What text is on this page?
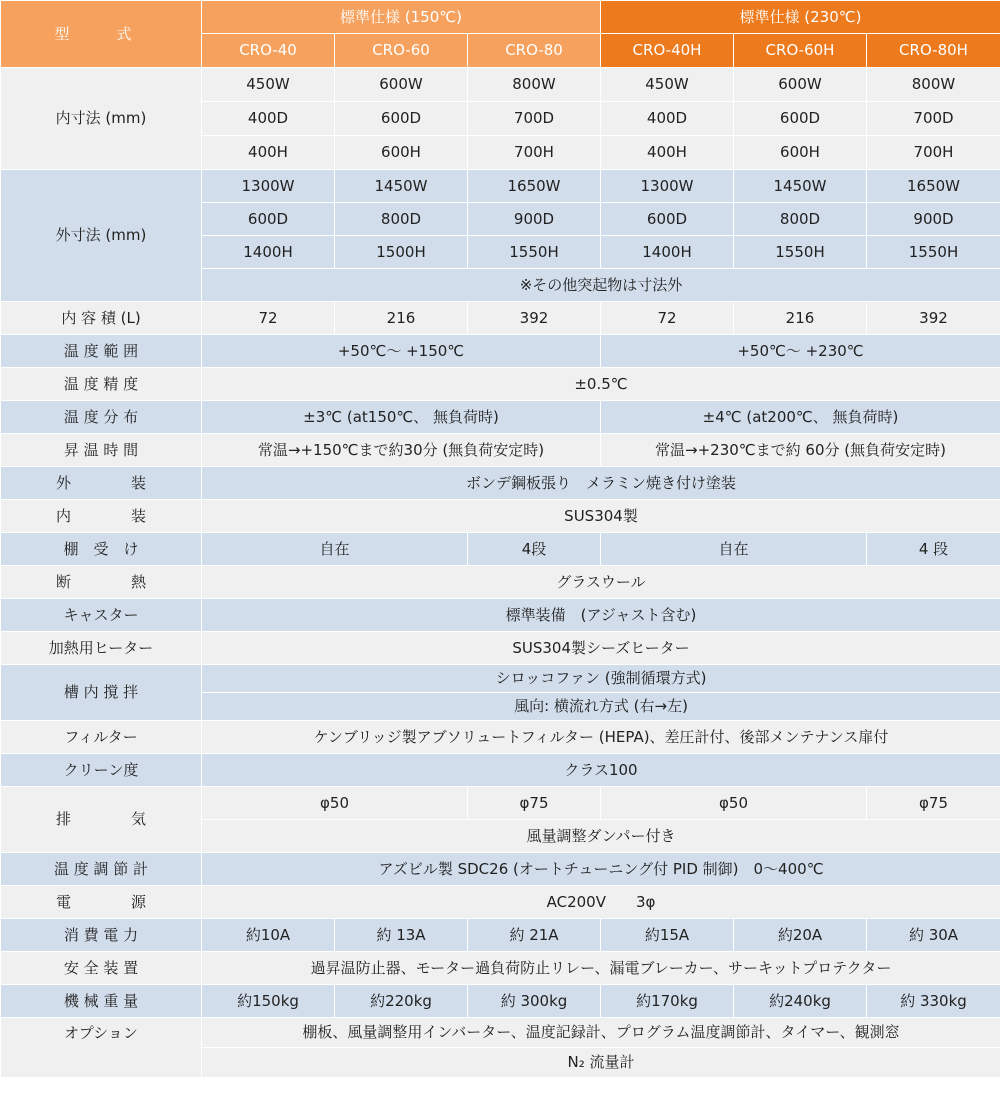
型　式	標準仕様 (150℃)			標準仕様 (230℃)		
	CRO-40	CRO-60	CRO-80	CRO-40H	CRO-60H	CRO-80H
内寸法 (mm)	450W	600W	800W	450W	600W	800W
	400D	600D	700D	400D	600D	700D
	400H	600H	700H	400H	600H	700H
外寸法 (mm)	1300W	1450W	1650W	1300W	1450W	1650W
	600D	800D	900D	600D	800D	900D
	1400H	1500H	1550H	1400H	1550H	1550H
	※その他突起物は寸法外					
内 容 積 (L)	72	216	392	72	216	392
温 度 範 囲	+50℃～ +150℃			+50℃～ +230℃		
温 度 精 度	±0.5℃					
温 度 分 布	±3℃ (at150℃、 無負荷時)			±4℃ (at200℃、 無負荷時)		
昇 温 時 間	常温→+150℃まで約30分 (無負荷安定時)			常温→+230℃まで約 60分 (無負荷安定時)		
外　　　　装	ボンデ鋼板張り　メラミン焼き付け塗装					
内　　　　装	SUS304製					
棚　受　け	自在		4段	自在		4 段
断　　　　熱	グラスウール					
キャスター	標準装備　(アジャスト含む)					
加熱用ヒーター	SUS304製シーズヒーター					
槽 内 撹 拌	シロッコファン (強制循環方式)					
	風向: 横流れ方式 (右→左)					
フィルター	ケンブリッジ製アブソリュートフィルター (HEPA)、差圧計付、後部メンテナンス扉付					
クリーン度	クラス100					
排　　　　気	φ50		φ75	φ50		φ75
	風量調整ダンパー付き					
温 度 調 節 計	アズビル製 SDC26 (オートチューニング付 PID 制御)　0～400℃					
電　　　　源	AC200V　　3φ					
消 費 電 力	約10A	約 13A	約 21A	約15A	約20A	約 30A
安 全 装 置	過昇温防止器、モーター過負荷防止リレー、漏電ブレーカー、サーキットプロテクター					
機 械 重 量	約150kg	約220kg	約 300kg	約170kg	約240kg	約 330kg
オプション	棚板、風量調整用インバーター、温度記録計、プログラム温度調節計、タイマー、観測窓					
	N₂ 流量計					
